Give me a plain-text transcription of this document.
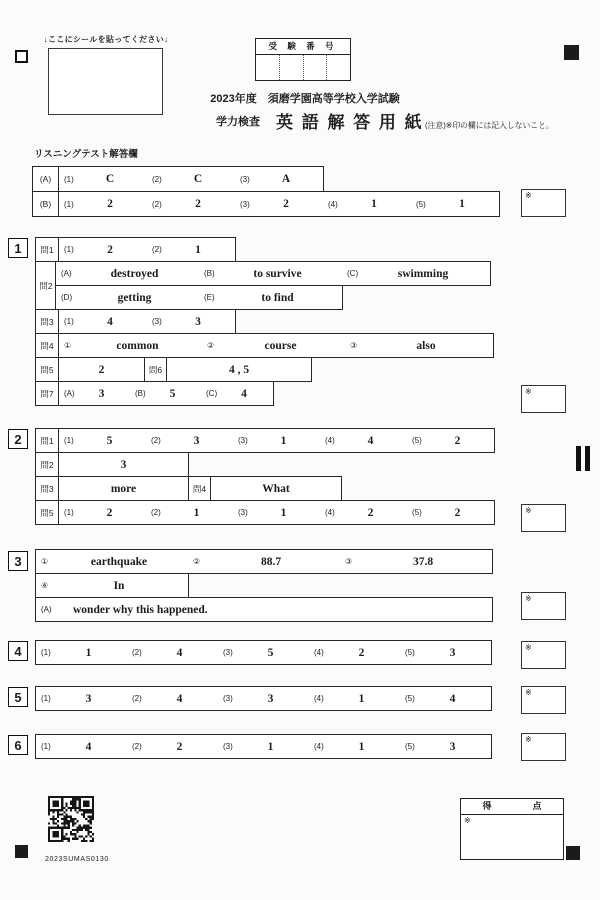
↓ここにシールを貼ってください↓
受 験 番 号
2023年度　須磨学園高等学校入学試験
学力検査 英 語 解 答 用 紙 (注意)※印の欄には記入しないこと。
リスニングテスト解答欄
(A)	(1)	C	(2)	C	(3)	A
(B)	(1)	2	(2)	2	(3)	2	(4)	1	(5)	1
※
1	問1	(1)	2	(2)	1
問2
(A)	destroyed	(B)	to survive	(C)	swimming
(D)	getting	(E)	to find
問3	(1)	4	(3)	3
問4	①	common	②	course	③	also
問5	2	問6	4 , 5
問7	(A)	3	(B)	5	(C)	4	※
2	問1	(1)	5	(2)	3	(3)	1	(4)	4	(5)	2
問2	3
問3	more	問4	What
問5	(1)	2	(2)	1	(3)	1	(4)	2	(5)	2	※
3	①	earthquake	②	88.7	③	37.8
④	In
(A)	wonder why this happened.
※
4	(1)	1	(2)	4	(3)	5	(4)	2	(5)	3	※
5	(1)	3	(2)	4	(3)	3	(4)	1	(5)	4	※
6	(1)	4	(2)	2	(3)	1	(4)	1	(5)	3
※
2023SUMAS0130
得　点
※
